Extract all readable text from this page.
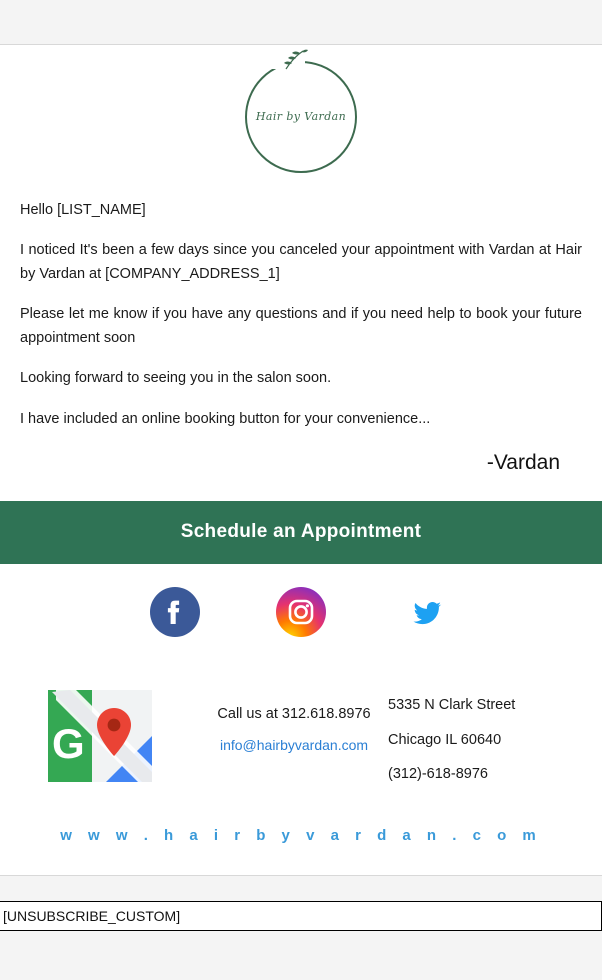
Hair by Vardan

Hello [LIST_NAME]

I noticed It's been a few days since you canceled your appointment with Vardan at Hair by Vardan at [COMPANY_ADDRESS_1]

Please let me know if you have any questions and if you need help to book your future appointment soon

Looking forward to seeing you in the salon soon.

I have included an online booking button for your convenience...

-Vardan
Schedule an Appointment
G
Call us at 312.618.8976
info@hairbyvardan.com
5335 N Clark Street
Chicago IL 60640
(312)-618-8976
w w w . h a i r b y v a r d a n . c o m
[UNSUBSCRIBE_CUSTOM]
